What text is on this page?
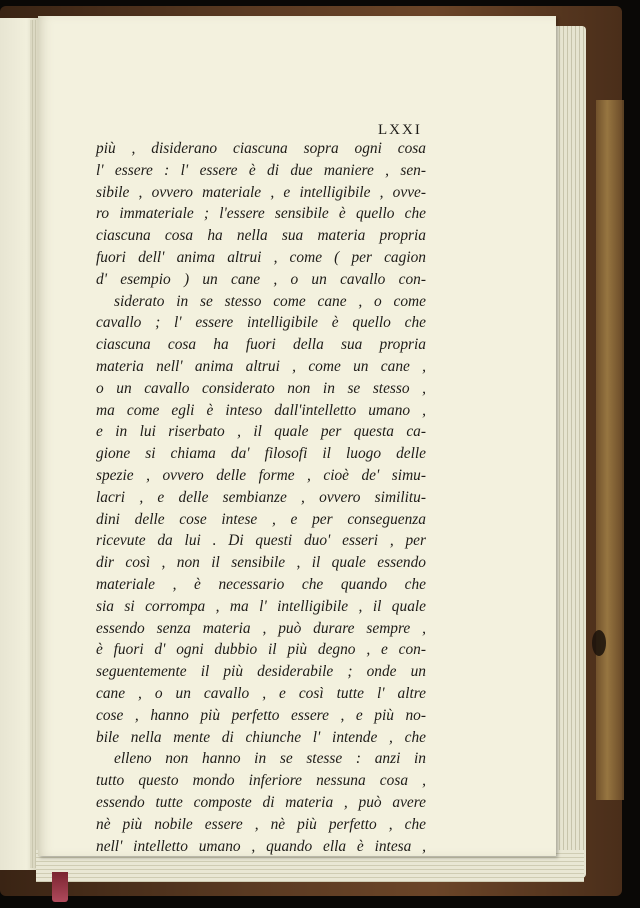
LXXI
più , disiderano ciascuna sopra ogni cosa
l' essere : l' essere è di due maniere , sen-
sibile , ovvero materiale , e intelligibile , ovve-
ro immateriale ; l'essere sensibile è quello che
ciascuna cosa ha nella sua materia propria
fuori dell' anima altrui , come ( per cagion
d' esempio ) un cane , o un cavallo con-
siderato in se stesso come cane , o come
cavallo ; l' essere intelligibile è quello che
ciascuna cosa ha fuori della sua propria
materia nell' anima altrui , come un cane ,
o un cavallo considerato non in se stesso ,
ma come egli è inteso dall'intelletto umano ,
e in lui riserbato , il quale per questa ca-
gione si chiama da' filosofi il luogo delle
spezie , ovvero delle forme , cioè de' simu-
lacri , e delle sembianze , ovvero similitu-
dini delle cose intese , e per conseguenza
ricevute da lui . Di questi duo' esseri , per
dir così , non il sensibile , il quale essendo
materiale , è necessario che quando che
sia si corrompa , ma l' intelligibile , il quale
essendo senza materia , può durare sempre ,
è fuori d' ogni dubbio il più degno , e con-
seguentemente il più desiderabile ; onde un
cane , o un cavallo , e così tutte l' altre
cose , hanno più perfetto essere , e più no-
bile nella mente di chiunche l' intende , che
elleno non hanno in se stesse : anzi in
tutto questo mondo inferiore nessuna cosa ,
essendo tutte composte di materia , può avere
nè più nobile essere , nè più perfetto , che
nell' intelletto umano , quando ella è intesa ,
